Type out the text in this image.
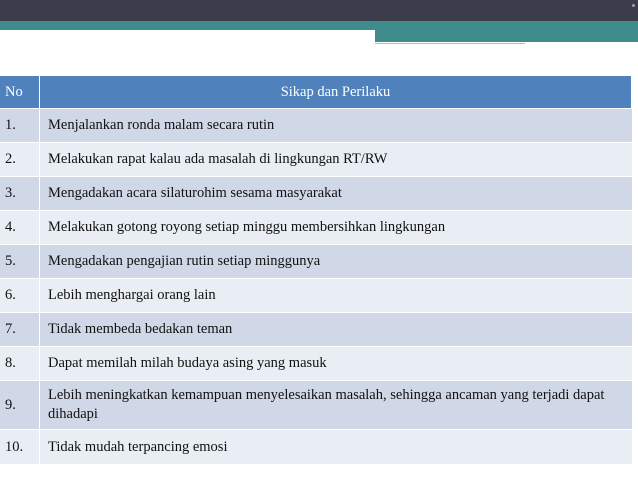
No	Sikap dan Perilaku
1.	Menjalankan ronda malam secara rutin
2.	Melakukan rapat kalau ada masalah di lingkungan RT/RW
3.	Mengadakan acara silaturohim sesama masyarakat
4.	Melakukan gotong royong setiap minggu membersihkan lingkungan
5.	Mengadakan pengajian rutin setiap minggunya
6.	Lebih menghargai orang lain
7.	Tidak membeda bedakan teman
8.	Dapat memilah milah budaya asing yang masuk
9.	Lebih meningkatkan kemampuan menyelesaikan masalah, sehingga ancaman yang terjadi dapat dihadapi
10.	Tidak mudah terpancing emosi
